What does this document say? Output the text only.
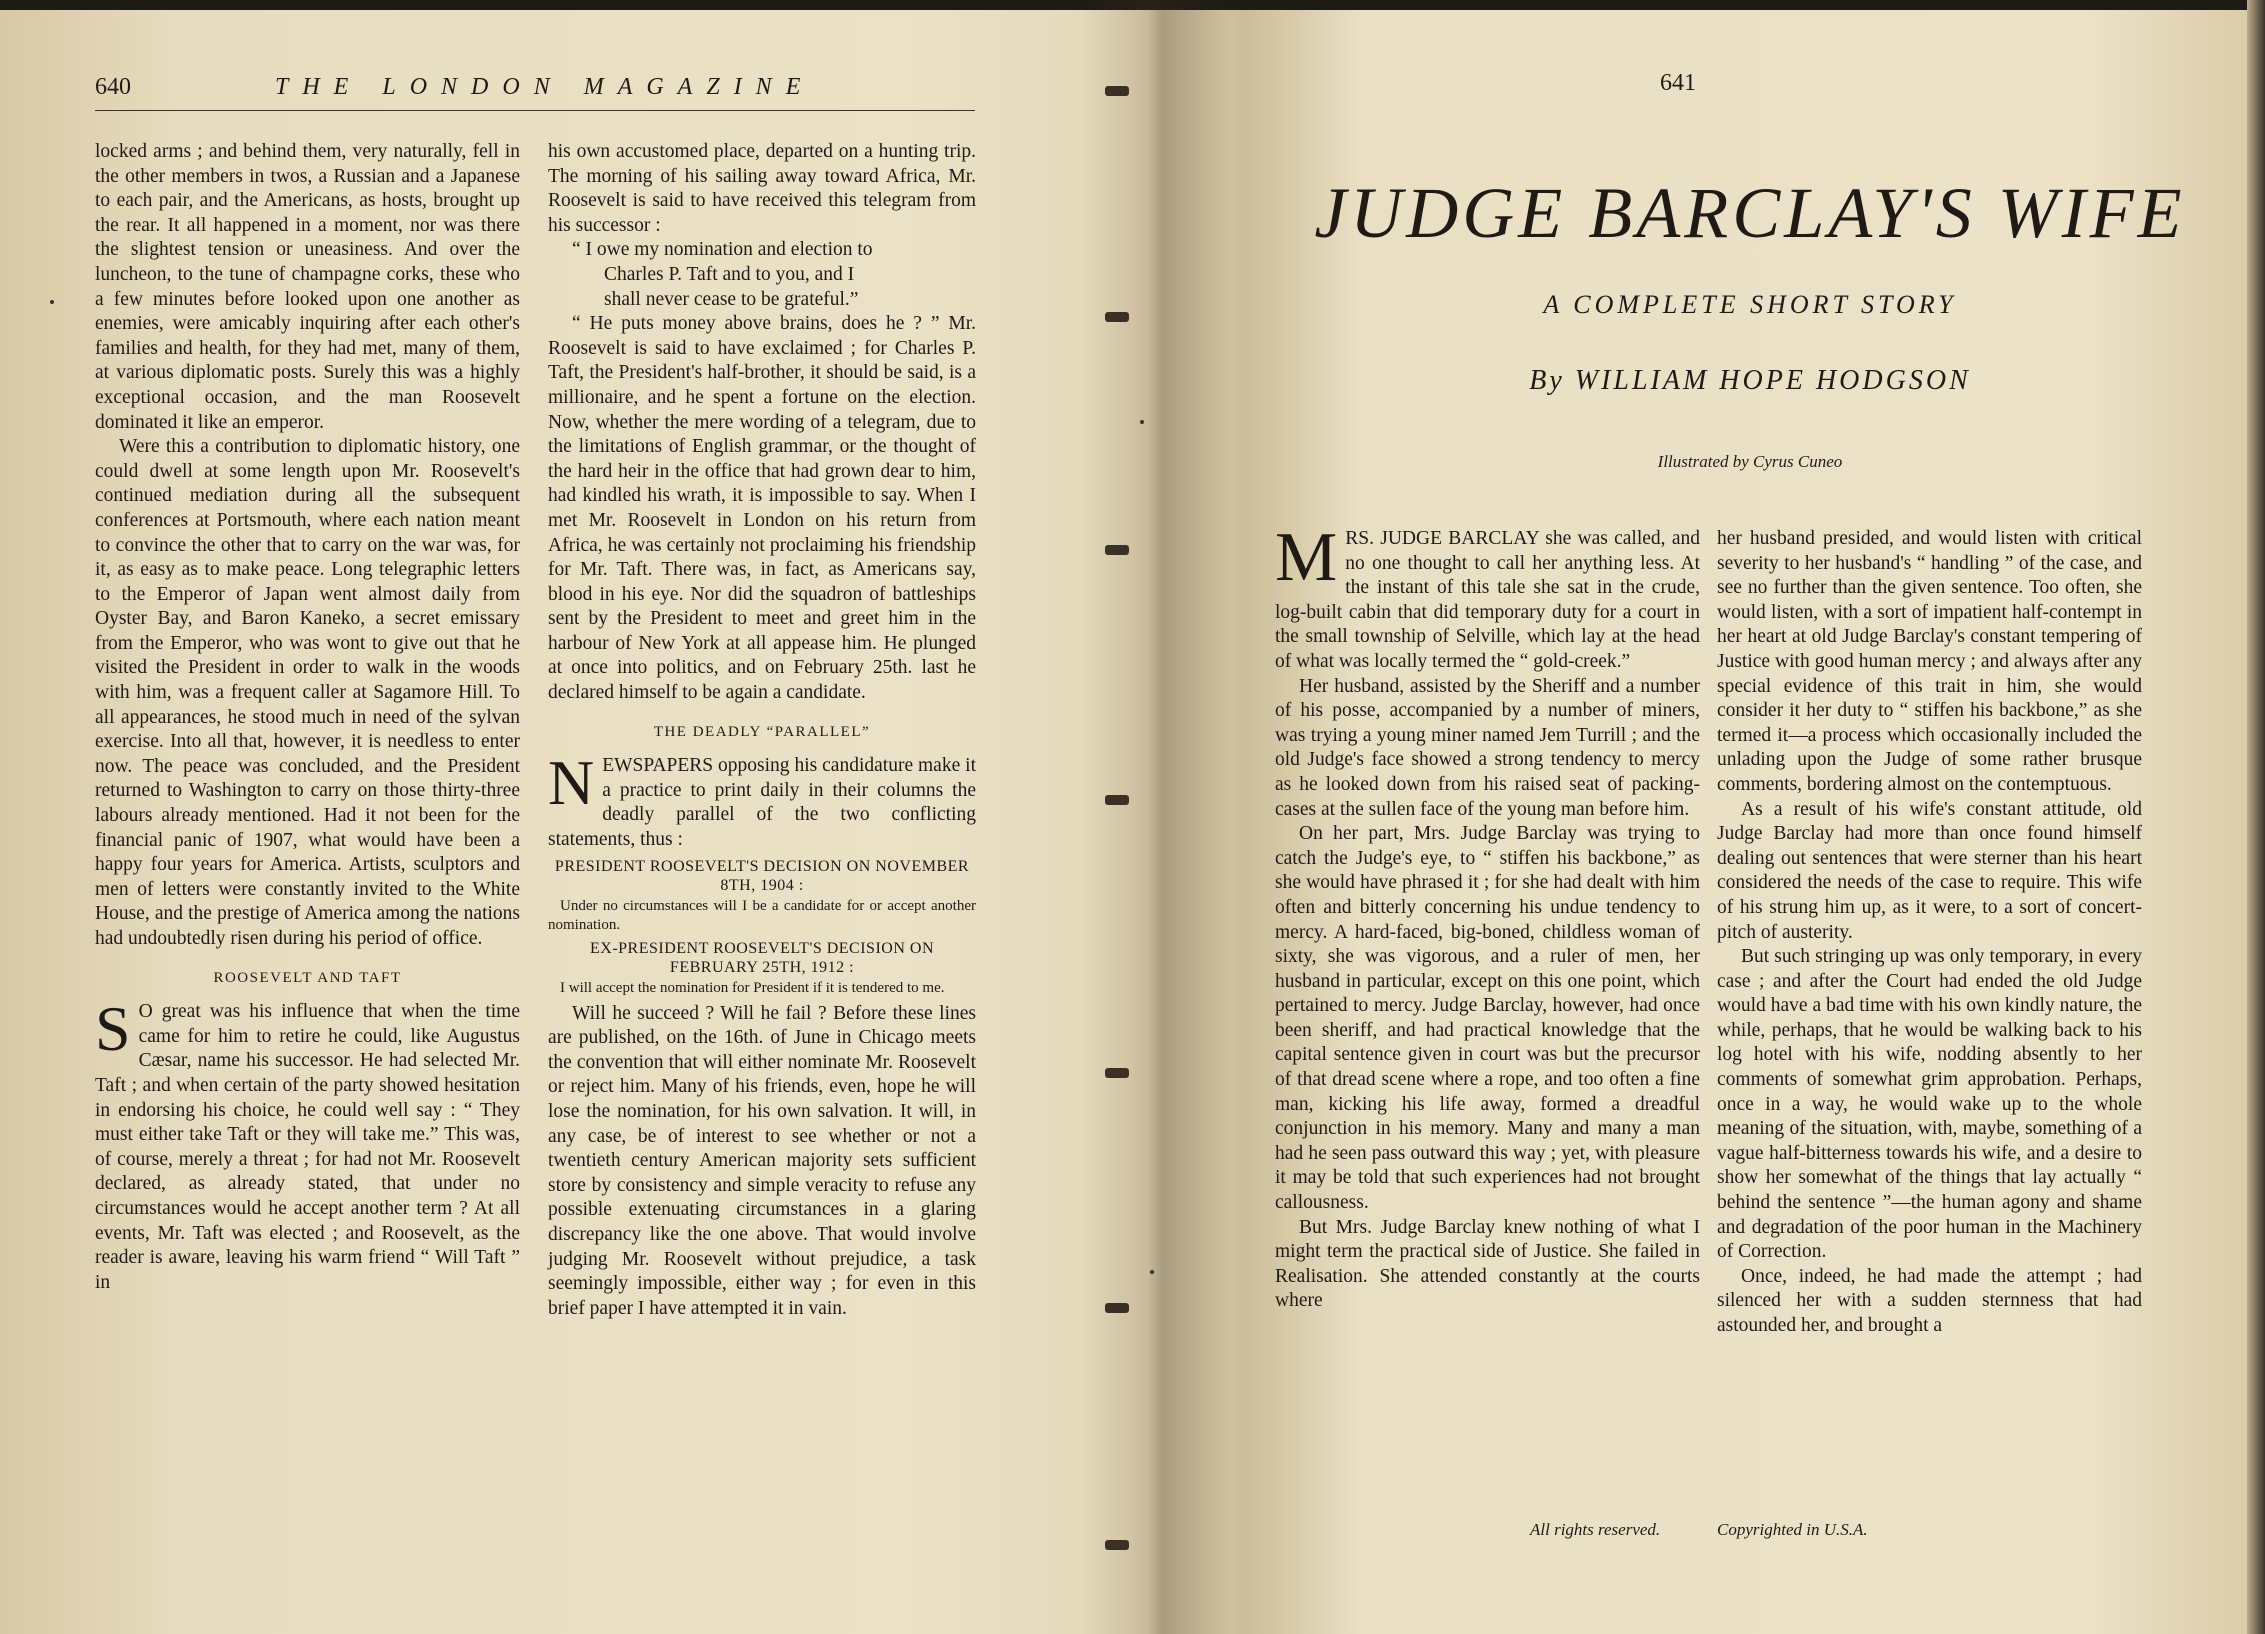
640	THE LONDON MAGAZINE

locked arms ; and behind them, very naturally, fell in the other members in twos, a Russian and a Japanese to each pair, and the Americans, as hosts, brought up the rear. It all happened in a moment, nor was there the slightest tension or uneasiness. And over the luncheon, to the tune of champagne corks, these who a few minutes before looked upon one another as enemies, were amicably inquiring after each other's families and health, for they had met, many of them, at various diplomatic posts. Surely this was a highly exceptional occasion, and the man Roosevelt dominated it like an emperor.

Were this a contribution to diplomatic history, one could dwell at some length upon Mr. Roosevelt's continued mediation during all the subsequent conferences at Portsmouth, where each nation meant to convince the other that to carry on the war was, for it, as easy as to make peace. Long telegraphic letters to the Emperor of Japan went almost daily from Oyster Bay, and Baron Kaneko, a secret emissary from the Emperor, who was wont to give out that he visited the President in order to walk in the woods with him, was a frequent caller at Sagamore Hill. To all appearances, he stood much in need of the sylvan exercise. Into all that, however, it is needless to enter now. The peace was concluded, and the President returned to Washington to carry on those thirty-three labours already mentioned. Had it not been for the financial panic of 1907, what would have been a happy four years for America. Artists, sculptors and men of letters were constantly invited to the White House, and the prestige of America among the nations had undoubtedly risen during his period of office.

ROOSEVELT AND TAFT

S O great was his influence that when the time came for him to retire he could, like Augustus Cæsar, name his successor. He had selected Mr. Taft ; and when certain of the party showed hesitation in endorsing his choice, he could well say : “ They must either take Taft or they will take me.” This was, of course, merely a threat ; for had not Mr. Roosevelt declared, as already stated, that under no circumstances would he accept another term ? At all events, Mr. Taft was elected ; and Roosevelt, as the reader is aware, leaving his warm friend “ Will Taft ” in

his own accustomed place, departed on a hunting trip. The morning of his sailing away toward Africa, Mr. Roosevelt is said to have received this telegram from his successor :

“ I owe my nomination and election to
Charles P. Taft and to you, and I
shall never cease to be grateful.”

“ He puts money above brains, does he ? ” Mr. Roosevelt is said to have exclaimed ; for Charles P. Taft, the President's half-brother, it should be said, is a millionaire, and he spent a fortune on the election. Now, whether the mere wording of a telegram, due to the limitations of English grammar, or the thought of the hard heir in the office that had grown dear to him, had kindled his wrath, it is impossible to say. When I met Mr. Roosevelt in London on his return from Africa, he was certainly not proclaiming his friendship for Mr. Taft. There was, in fact, as Americans say, blood in his eye. Nor did the squadron of battleships sent by the President to meet and greet him in the harbour of New York at all appease him. He plunged at once into politics, and on February 25th. last he declared himself to be again a candidate.

THE DEADLY “PARALLEL”

NEWSPAPERS opposing his candidature make it a practice to print daily in their columns the deadly parallel of the two conflicting statements, thus :

PRESIDENT ROOSEVELT'S DECISION ON NOVEMBER 8TH, 1904 :

Under no circumstances will I be a candidate for or accept another nomination.

EX-PRESIDENT ROOSEVELT'S DECISION ON FEBRUARY 25TH, 1912 :

I will accept the nomination for President if it is tendered to me.

Will he succeed ? Will he fail ? Before these lines are published, on the 16th. of June in Chicago meets the convention that will either nominate Mr. Roosevelt or reject him. Many of his friends, even, hope he will lose the nomination, for his own salvation. It will, in any case, be of interest to see whether or not a twentieth century American majority sets sufficient store by consistency and simple veracity to refuse any possible extenuating circumstances in a glaring discrepancy like the one above. That would involve judging Mr. Roosevelt without prejudice, a task seemingly impossible, either way ; for even in this brief paper I have attempted it in vain.

641
JUDGE BARCLAY'S WIFE
A COMPLETE SHORT STORY
By WILLIAM HOPE HODGSON
Illustrated by Cyrus Cuneo

MRS. JUDGE BARCLAY she was called, and no one thought to call her anything less. At the instant of this tale she sat in the crude, log-built cabin that did temporary duty for a court in the small township of Selville, which lay at the head of what was locally termed the “ gold-creek.”

Her husband, assisted by the Sheriff and a number of his posse, accompanied by a number of miners, was trying a young miner named Jem Turrill ; and the old Judge's face showed a strong tendency to mercy as he looked down from his raised seat of packing-cases at the sullen face of the young man before him.

On her part, Mrs. Judge Barclay was trying to catch the Judge's eye, to “ stiffen his backbone,” as she would have phrased it ; for she had dealt with him often and bitterly concerning his undue tendency to mercy. A hard-faced, big-boned, childless woman of sixty, she was vigorous, and a ruler of men, her husband in particular, except on this one point, which pertained to mercy. Judge Barclay, however, had once been sheriff, and had practical knowledge that the capital sentence given in court was but the precursor of that dread scene where a rope, and too often a fine man, kicking his life away, formed a dreadful conjunction in his memory. Many and many a man had he seen pass outward this way ; yet, with pleasure it may be told that such experiences had not brought callousness.

But Mrs. Judge Barclay knew nothing of what I might term the practical side of Justice. She failed in Realisation. She attended constantly at the courts where

her husband presided, and would listen with critical severity to her husband's “ handling ” of the case, and see no further than the given sentence. Too often, she would listen, with a sort of impatient half-contempt in her heart at old Judge Barclay's constant tempering of Justice with good human mercy ; and always after any special evidence of this trait in him, she would consider it her duty to “ stiffen his backbone,” as she termed it—a process which occasionally included the unlading upon the Judge of some rather brusque comments, bordering almost on the contemptuous.

As a result of his wife's constant attitude, old Judge Barclay had more than once found himself dealing out sentences that were sterner than his heart considered the needs of the case to require. This wife of his strung him up, as it were, to a sort of concert-pitch of austerity.

But such stringing up was only temporary, in every case ; and after the Court had ended the old Judge would have a bad time with his own kindly nature, the while, perhaps, that he would be walking back to his log hotel with his wife, nodding absently to her comments of somewhat grim approbation. Perhaps, once in a way, he would wake up to the whole meaning of the situation, with, maybe, something of a vague half-bitterness towards his wife, and a desire to show her somewhat of the things that lay actually “ behind the sentence ”—the human agony and shame and degradation of the poor human in the Machinery of Correction.

Once, indeed, he had made the attempt ; had silenced her with a sudden sternness that had astounded her, and brought a

All rights reserved.	Copyrighted in U.S.A.
